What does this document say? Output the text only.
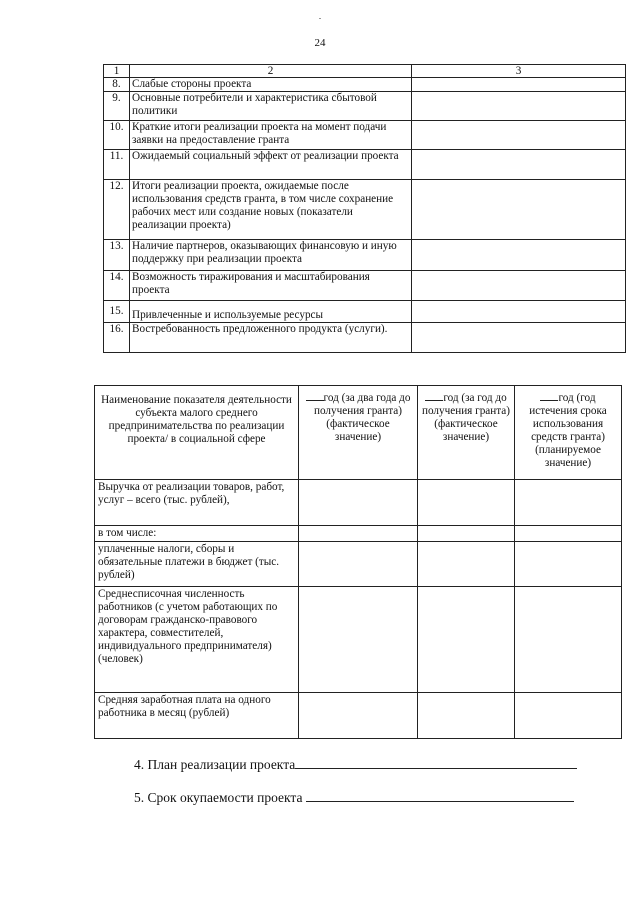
24
1	2	3
8.	Слабые стороны проекта	
9.	Основные потребители и характеристика сбытовой политики	
10.	Краткие итоги реализации проекта на момент подачи заявки на предоставление гранта	
11.	Ожидаемый социальный эффект от реализации проекта	
12.	Итоги реализации проекта, ожидаемые после использования средств гранта, в том числе сохранение рабочих мест или создание новых (показатели реализации проекта)	
13.	Наличие партнеров, оказывающих финансовую и иную поддержку при реализации проекта	
14.	Возможность тиражирования и масштабирования проекта	
15.	Привлеченные и используемые ресурсы	
16.	Востребованность предложенного продукта (услуги).	
Наименование показателя деятельности субъекта малого среднего предпринимательства по реализации проекта/ в социальной сфере	год (за два года до получения гранта) (фактическое значение)	год (за год до получения гранта) (фактическое значение)	год (год истечения срока использования средств гранта) (планируемое значение)
Выручка от реализации товаров, работ, услуг – всего (тыс. рублей),			
в том числе:			
уплаченные налоги, сборы и обязательные платежи в бюджет (тыс. рублей)			
Среднесписочная численность работников (с учетом работающих по договорам гражданско-правового характера, совместителей, индивидуального предпринимателя) (человек)			
Средняя заработная плата на одного работника в месяц (рублей)			
4. План реализации проекта
5. Срок окупаемости проекта
